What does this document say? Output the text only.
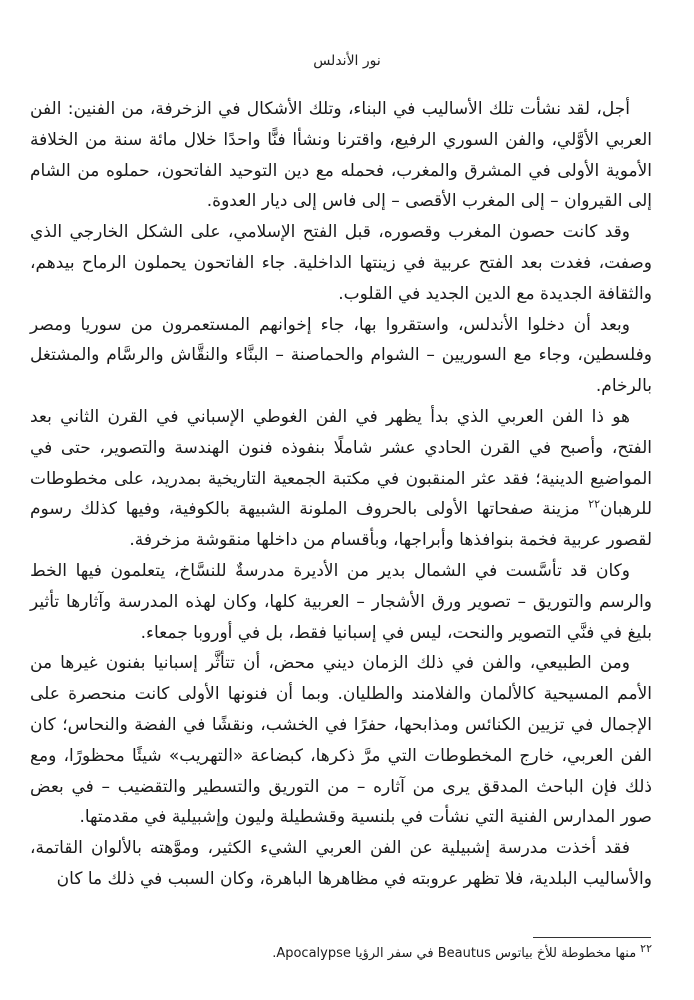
نور الأندلس

أجل، لقد نشأت تلك الأساليب في البناء، وتلك الأشكال في الزخرفة، من الفنين: الفن العربي الأوَّلي، والفن السوري الرفيع، واقترنا ونشأا فنًّا واحدًا خلال مائة سنة من الخلافة الأموية الأولى في المشرق والمغرب، فحمله مع دين التوحيد الفاتحون، حملوه من الشام إلى القيروان – إلى المغرب الأقصى – إلى فاس إلى ديار العدوة.

وقد كانت حصون المغرب وقصوره، قبل الفتح الإسلامي، على الشكل الخارجي الذي وصفت، فغدت بعد الفتح عربية في زينتها الداخلية. جاء الفاتحون يحملون الرماح بيدهم، والثقافة الجديدة مع الدين الجديد في القلوب.

وبعد أن دخلوا الأندلس، واستقروا بها، جاء إخوانهم المستعمرون من سوريا ومصر وفلسطين، وجاء مع السوريين – الشوام والحماصنة – البنَّاء والنقَّاش والرسَّام والمشتغل بالرخام.

هو ذا الفن العربي الذي بدأ يظهر في الفن الغوطي الإسباني في القرن الثاني بعد الفتح، وأصبح في القرن الحادي عشر شاملًا بنفوذه فنون الهندسة والتصوير، حتى في المواضيع الدينية؛ فقد عثر المنقبون في مكتبة الجمعية التاريخية بمدريد، على مخطوطات للرهبان$^{٢٢}$ مزينة صفحاتها الأولى بالحروف الملونة الشبيهة بالكوفية، وفيها كذلك رسوم لقصور عربية فخمة بنوافذها وأبراجها، وبأقسام من داخلها منقوشة مزخرفة.

وكان قد تأسَّست في الشمال بدير من الأديرة مدرسةٌ للنسَّاخ، يتعلمون فيها الخط والرسم والتوريق – تصوير ورق الأشجار – العربية كلها، وكان لهذه المدرسة وآثارها تأثير بليغ في فنَّي التصوير والنحت، ليس في إسبانيا فقط، بل في أوروبا جمعاء.

ومن الطبيعي، والفن في ذلك الزمان ديني محض، أن تتأثَّر إسبانيا بفنون غيرها من الأمم المسيحية كالألمان والفلامند والطليان. وبما أن فنونها الأولى كانت منحصرة على الإجمال في تزيين الكنائس ومذابحها، حفرًا في الخشب، ونقشًا في الفضة والنحاس؛ كان الفن العربي، خارج المخطوطات التي مرَّ ذكرها، كبضاعة «التهريب» شيئًا محظورًا، ومع ذلك فإن الباحث المدقق يرى من آثاره – من التوريق والتسطير والتقضيب – في بعض صور المدارس الفنية التي نشأت في بلنسية وقشطيلة وليون وإشبيلية في مقدمتها.

فقد أخذت مدرسة إشبيلية عن الفن العربي الشيء الكثير، وموَّهته بالألوان القاتمة، والأساليب البلدية، فلا تظهر عروبته في مظاهرها الباهرة، وكان السبب في ذلك ما كان

$^{٢٢}$منها مخطوطة للأخ بياتوس Beautus في سفر الرؤيا Apocalypse.
